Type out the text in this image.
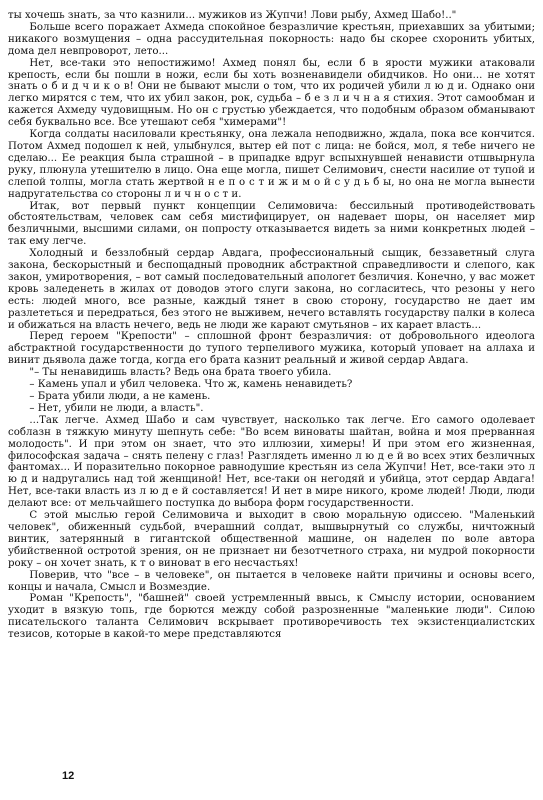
ты хочешь знать, за что казнили... мужиков из Жупчи! Лови рыбу, Ахмед Шабо!.."

Больше всего поражает Ахмеда спокойное безразличие крестьян, приехавших за убитыми; никакого возмущения – одна рассудительная покорность: надо бы скорее схоронить убитых, дома дел невпроворот, лето...

Нет, все-таки это непостижимо! Ахмед понял бы, если б в ярости мужики атаковали крепость, если бы пошли в ножи, если бы хоть возненавидели обидчиков. Но они... не хотят знать о б и д ч и к о в! Они не бывают мысли о том, что их родичей убили л ю д и. Однако они легко мирятся с тем, что их убил закон, рок, судьба – б е з л и ч н а я стихия. Этот самообман и кажется Ахмеду чудовищным. Но он с грустью убеждается, что подобным образом обманывают себя буквально все. Все утешают себя "химерами"!

Когда солдаты насиловали крестьянку, она лежала неподвижно, ждала, пока все кончится. Потом Ахмед подошел к ней, улыбнулся, вытер ей пот с лица: не бойся, мол, я тебе ничего не сделаю... Ее реакция была страшной – в припадке вдруг вспыхнувшей ненависти отшвырнула руку, плюнула утешителю в лицо. Она еще могла, пишет Селимович, снести насилие от тупой и слепой толпы, могла стать жертвой н е п о с т и ж и м о й с у д ь б ы, но она не могла вынести надругательства со стороны л и ч н о с т и.

Итак, вот первый пункт концепции Селимовича: бессильный противодействовать обстоятельствам, человек сам себя мистифицирует, он надевает шоры, он населяет мир безличными, высшими силами, он попросту отказывается видеть за ними конкретных людей – так ему легче.

Холодный и беззлобный сердар Авдага, профессиональный сыщик, беззаветный слуга закона, бескорыстный и беспощадный проводник абстрактной справедливости и слепого, как закон, умиротворения, – вот самый последовательный апологет безличия. Конечно, у вас может кровь заледенеть в жилах от доводов этого слуги закона, но согласитесь, что резоны у него есть: людей много, все разные, каждый тянет в свою сторону, государство не дает им разлететься и передраться, без этого не выживем, нечего вставлять государству палки в колеса и обижаться на власть нечего, ведь не люди же карают смутьянов – их карает власть...

Перед героем "Крепости" – сплошной фронт безразличия: от добровольного идеолога абстрактной государственности до тупого терпеливого мужика, который уповает на аллаха и винит дьявола даже тогда, когда его брата казнит реальный и живой сердар Авдага.

"– Ты ненавидишь власть? Ведь она брата твоего убила.

– Камень упал и убил человека. Что ж, камень ненавидеть?

– Брата убили люди, а не камень.

– Нет, убили не люди, а власть".

...Так легче. Ахмед Шабо и сам чувствует, насколько так легче. Его самого одолевает соблазн в тяжкую минуту шепнуть себе: "Во всем виноваты шайтан, война и моя прерванная молодость". И при этом он знает, что это иллюзии, химеры! И при этом его жизненная, философская задача – снять пелену с глаз! Разглядеть именно л ю д е й во всех этих безличных фантомах... И поразительно покорное равнодушие крестьян из села Жупчи! Нет, все-таки это л ю д и надругались над той женщиной! Нет, все-таки он негодяй и убийца, этот сердар Авдага! Нет, все-таки власть из л ю д е й составляется! И нет в мире никого, кроме людей! Люди, люди делают все: от мельчайшего поступка до выбора форм государственности.

С этой мыслью герой Селимовича и выходит в свою моральную одиссею. "Маленький человек", обиженный судьбой, вчерашний солдат, вышвырнутый со службы, ничтожный винтик, затерянный в гигантской общественной машине, он наделен по воле автора убийственной остротой зрения, он не признает ни безотчетного страха, ни мудрой покорности року – он хочет знать, к т о виноват в его несчастьях!

Поверив, что "все – в человеке", он пытается в человеке найти причины и основы всего, концы и начала, Смысл и Возмездие.

Роман "Крепость", "башней" своей устремленный ввысь, к Смыслу истории, основанием уходит в вязкую топь, где борются между собой разрозненные "маленькие люди". Силою писательского таланта Селимович вскрывает противоречивость тех экзистенциалистских тезисов, которые в какой-то мере представляются

12
